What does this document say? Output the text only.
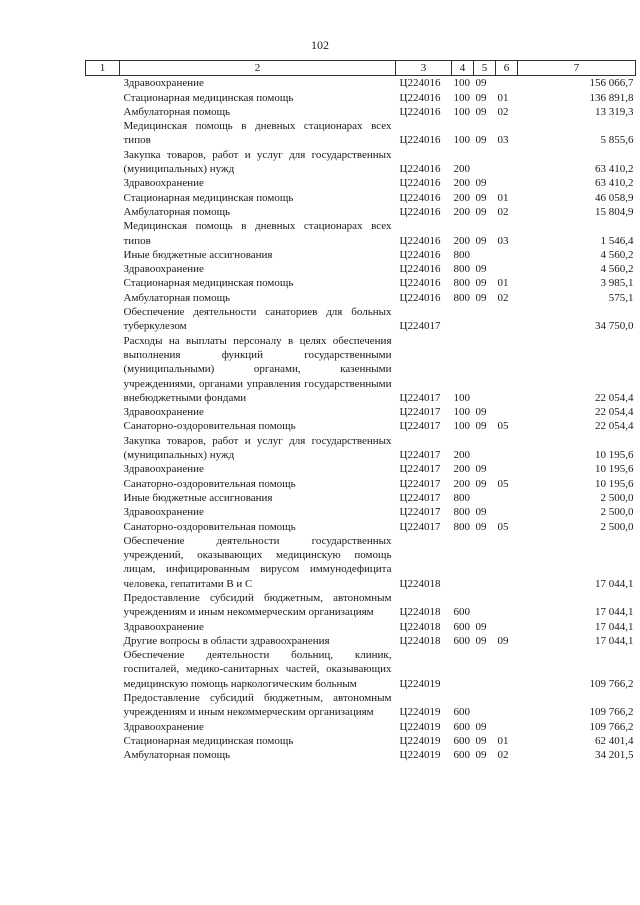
102
1	2	3	4	5	6	7
	Здравоохранение	Ц224016	100	09		156 066,7
	Стационарная медицинская помощь	Ц224016	100	09	01	136 891,8
	Амбулаторная помощь	Ц224016	100	09	02	13 319,3
	Медицинская помощь в дневных стационарах всех типов	Ц224016	100	09	03	5 855,6
	Закупка товаров, работ и услуг для государственных (муниципальных) нужд	Ц224016	200			63 410,2
	Здравоохранение	Ц224016	200	09		63 410,2
	Стационарная медицинская помощь	Ц224016	200	09	01	46 058,9
	Амбулаторная помощь	Ц224016	200	09	02	15 804,9
	Медицинская помощь в дневных стационарах всех типов	Ц224016	200	09	03	1 546,4
	Иные бюджетные ассигнования	Ц224016	800			4 560,2
	Здравоохранение	Ц224016	800	09		4 560,2
	Стационарная медицинская помощь	Ц224016	800	09	01	3 985,1
	Амбулаторная помощь	Ц224016	800	09	02	575,1
	Обеспечение деятельности санаториев для больных туберкулезом	Ц224017				34 750,0
	Расходы на выплаты персоналу в целях обеспечения выполнения функций государственными (муниципальными) органами, казенными учреждениями, органами управления государственными внебюджетными фондами	Ц224017	100			22 054,4
	Здравоохранение	Ц224017	100	09		22 054,4
	Санаторно-оздоровительная помощь	Ц224017	100	09	05	22 054,4
	Закупка товаров, работ и услуг для государственных (муниципальных) нужд	Ц224017	200			10 195,6
	Здравоохранение	Ц224017	200	09		10 195,6
	Санаторно-оздоровительная помощь	Ц224017	200	09	05	10 195,6
	Иные бюджетные ассигнования	Ц224017	800			2 500,0
	Здравоохранение	Ц224017	800	09		2 500,0
	Санаторно-оздоровительная помощь	Ц224017	800	09	05	2 500,0
	Обеспечение деятельности государственных учреждений, оказывающих медицинскую помощь лицам, инфицированным вирусом иммунодефицита человека, гепатитами B и C	Ц224018				17 044,1
	Предоставление субсидий бюджетным, автономным учреждениям и иным некоммерческим организациям	Ц224018	600			17 044,1
	Здравоохранение	Ц224018	600	09		17 044,1
	Другие вопросы в области здравоохранения	Ц224018	600	09	09	17 044,1
	Обеспечение деятельности больниц, клиник, госпиталей, медико-санитарных частей, оказывающих медицинскую помощь наркологическим больным	Ц224019				109 766,2
	Предоставление субсидий бюджетным, автономным учреждениям и иным некоммерческим организациям	Ц224019	600			109 766,2
	Здравоохранение	Ц224019	600	09		109 766,2
	Стационарная медицинская помощь	Ц224019	600	09	01	62 401,4
	Амбулаторная помощь	Ц224019	600	09	02	34 201,5
